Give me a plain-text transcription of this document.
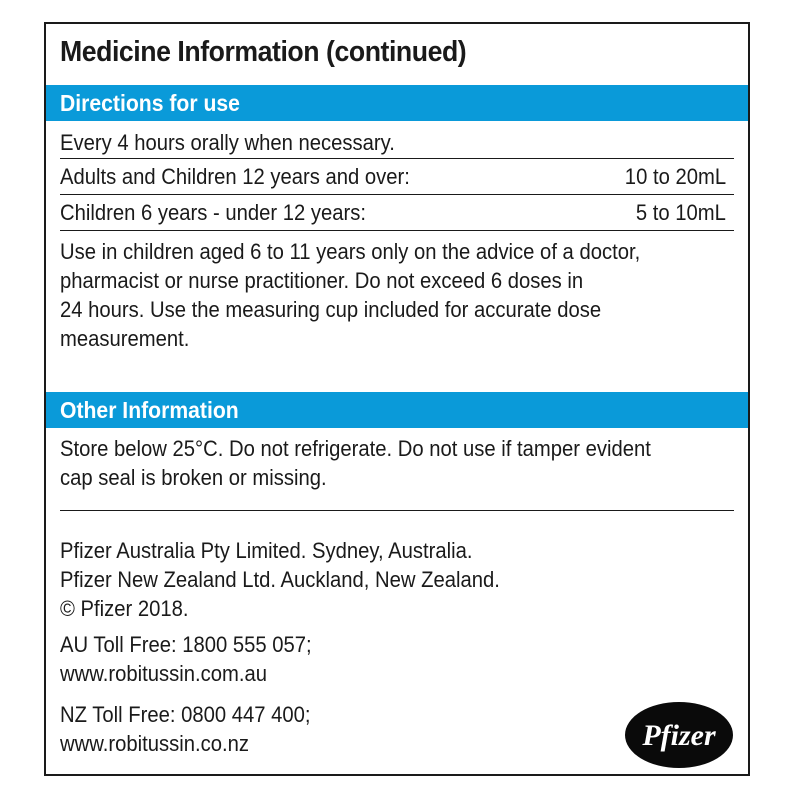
Medicine Information (continued)
Directions for use
Every 4 hours orally when necessary.
Adults and Children 12 years and over:	10 to 20mL
Children 6 years - under 12 years:	5 to 10mL
Use in children aged 6 to 11 years only on the advice of a doctor,
pharmacist or nurse practitioner. Do not exceed 6 doses in
24 hours. Use the measuring cup included for accurate dose
measurement.
Other Information
Store below 25°C. Do not refrigerate. Do not use if tamper evident
cap seal is broken or missing.
Pfizer Australia Pty Limited. Sydney, Australia.
Pfizer New Zealand Ltd. Auckland, New Zealand.
© Pfizer 2018.
AU Toll Free: 1800 555 057;
www.robitussin.com.au
NZ Toll Free: 0800 447 400;
www.robitussin.co.nz	Pfizer
